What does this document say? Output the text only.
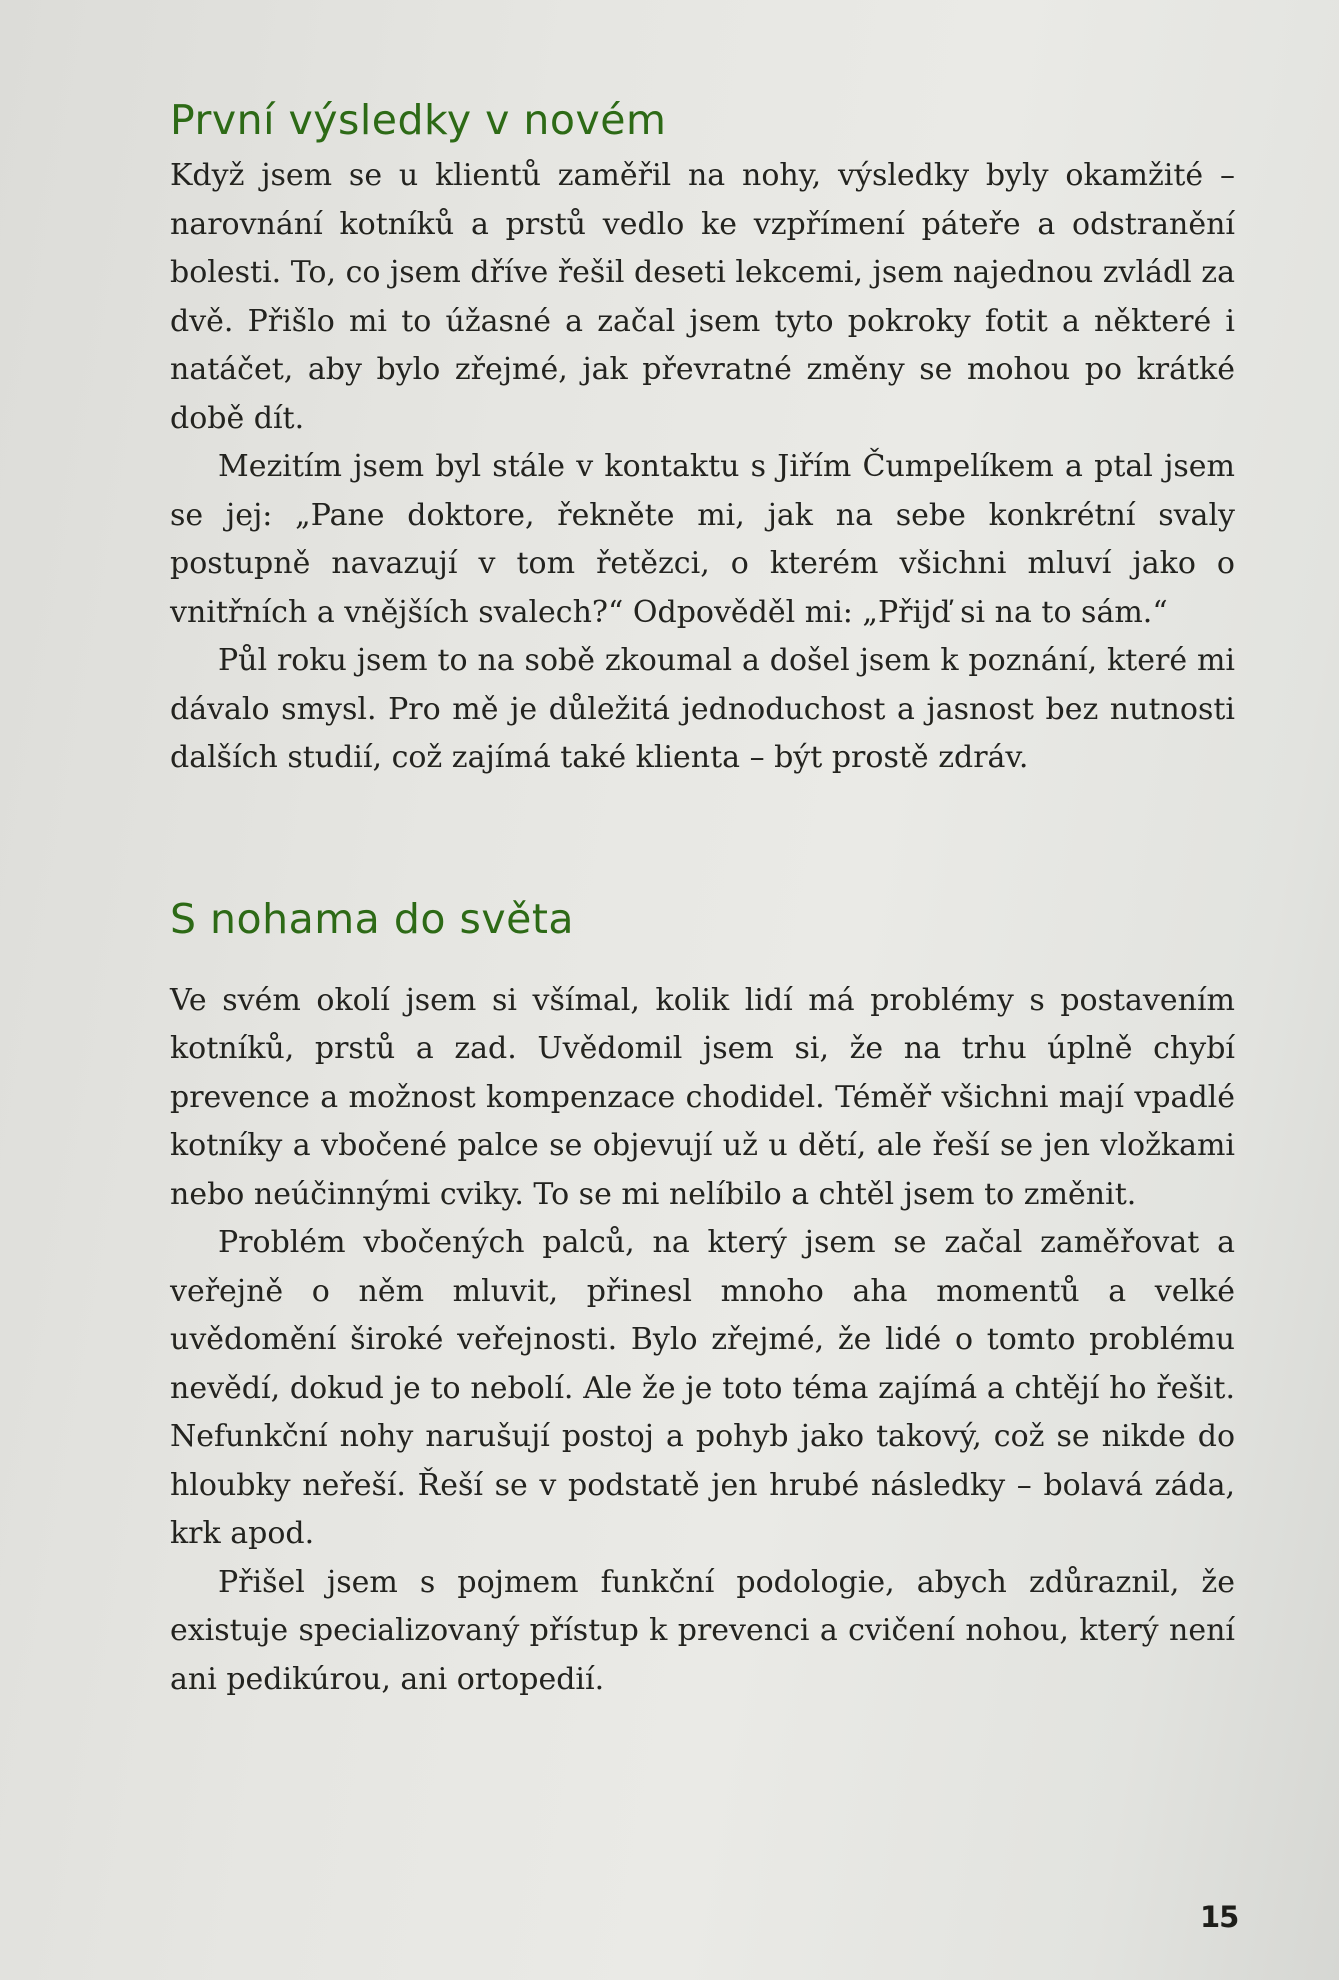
První výsledky v novém

Když jsem se u klientů zaměřil na nohy, výsledky byly okamžité – narovnání kotníků a prstů vedlo ke vzpřímení páteře a odstranění bolesti. To, co jsem dříve řešil deseti lekcemi, jsem najednou zvládl za dvě. Přišlo mi to úžasné a začal jsem tyto pokroky fotit a některé i natáčet, aby bylo zřejmé, jak převratné změny se mohou po krátké době dít.

Mezitím jsem byl stále v kontaktu s Jiřím Čumpelíkem a ptal jsem se jej: „Pane doktore, řekněte mi, jak na sebe konkrétní svaly postupně navazují v tom řetězci, o kterém všichni mluví jako o vnitřních a vnějších svalech?“ Odpověděl mi: „Přijď si na to sám.“

Půl roku jsem to na sobě zkoumal a došel jsem k poznání, které mi dávalo smysl. Pro mě je důležitá jednoduchost a jasnost bez nutnosti dalších studií, což zajímá také klienta – být prostě zdráv.

S nohama do světa

Ve svém okolí jsem si všímal, kolik lidí má problémy s postavením kotníků, prstů a zad. Uvědomil jsem si, že na trhu úplně chybí prevence a možnost kompenzace chodidel. Téměř všichni mají vpadlé kotníky a vbočené palce se objevují už u dětí, ale řeší se jen vložkami nebo neúčinnými cviky. To se mi nelíbilo a chtěl jsem to změnit.

Problém vbočených palců, na který jsem se začal zaměřovat a veřejně o něm mluvit, přinesl mnoho aha momentů a velké uvědomění široké veřejnosti. Bylo zřejmé, že lidé o tomto problému nevědí, dokud je to nebolí. Ale že je toto téma zajímá a chtějí ho řešit. Nefunkční nohy narušují postoj a pohyb jako takový, což se nikde do hloubky neřeší. Řeší se v podstatě jen hrubé následky – bolavá záda, krk apod.

Přišel jsem s pojmem funkční podologie, abych zdůraznil, že existuje specializovaný přístup k prevenci a cvičení nohou, který není ani pedikúrou, ani ortopedií.

15
